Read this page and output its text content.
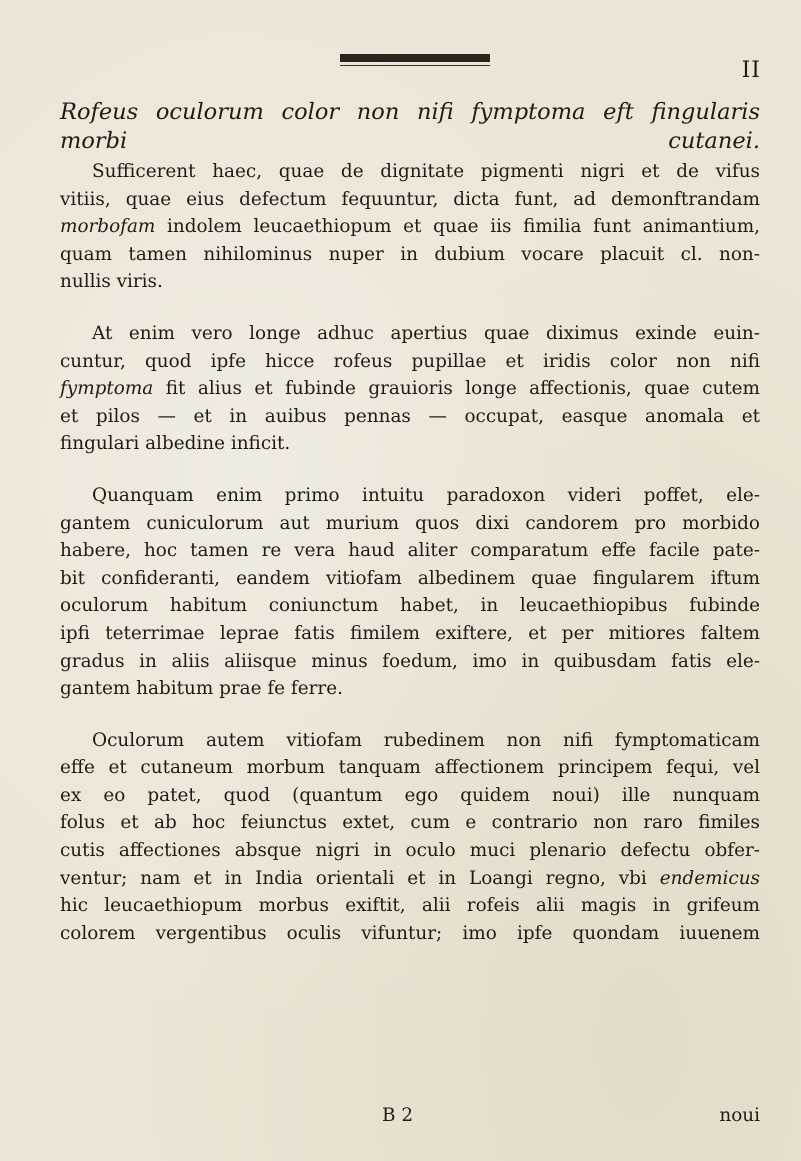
II
Rofeus oculorum color non nifi fymptoma eft fingularis
morbi cutanei.
Sufficerent haec, quae de dignitate pigmenti nigri et de vifus
vitiis, quae eius defectum fequuntur, dicta funt, ad demonftrandam
morbofam indolem leucaethiopum et quae iis fimilia funt animantium,
quam tamen nihilominus nuper in dubium vocare placuit cl. non-
nullis viris.
At enim vero longe adhuc apertius quae diximus exinde euin-
cuntur, quod ipfe hicce rofeus pupillae et iridis color non nifi
fymptoma fit alius et fubinde grauioris longe affectionis, quae cutem
et pilos — et in auibus pennas — occupat, easque anomala et
fingulari albedine inficit.
Quanquam enim primo intuitu paradoxon videri poffet, ele-
gantem cuniculorum aut murium quos dixi candorem pro morbido
habere, hoc tamen re vera haud aliter comparatum effe facile pate-
bit confideranti, eandem vitiofam albedinem quae fingularem iftum
oculorum habitum coniunctum habet, in leucaethiopibus fubinde
ipfi teterrimae leprae fatis fimilem exiftere, et per mitiores faltem
gradus in aliis aliisque minus foedum, imo in quibusdam fatis ele-
gantem habitum prae fe ferre.
Oculorum autem vitiofam rubedinem non nifi fymptomaticam
effe et cutaneum morbum tanquam affectionem principem fequi, vel
ex eo patet, quod (quantum ego quidem noui) ille nunquam
folus et ab hoc feiunctus extet, cum e contrario non raro fimiles
cutis affectiones absque nigri in oculo muci plenario defectu obfer-
ventur; nam et in India orientali et in Loangi regno, vbi endemicus
hic leucaethiopum morbus exiftit, alii rofeis alii magis in grifeum
colorem vergentibus oculis vifuntur; imo ipfe quondam iuuenem
B 2	noui
